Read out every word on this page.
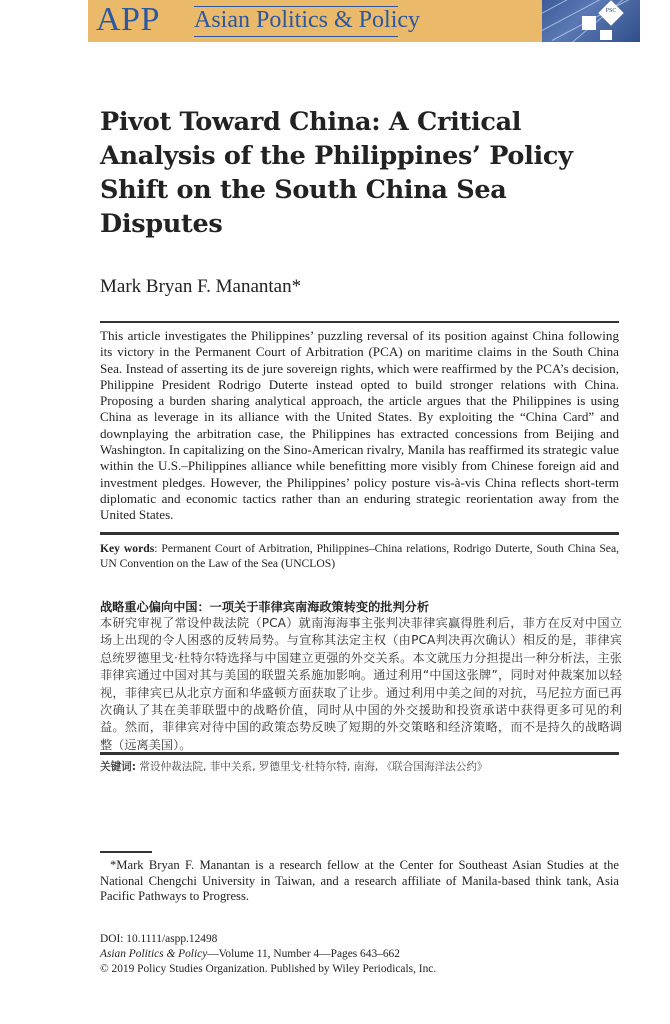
APP Asian Politics & Policy	PSC
Pivot Toward China: A Critical Analysis of the Philippines’ Policy Shift on the South China Sea Disputes
Mark Bryan F. Manantan*

This article investigates the Philippines’ puzzling reversal of its position against China following its victory in the Permanent Court of Arbitration (PCA) on maritime claims in the South China Sea. Instead of asserting its de jure sovereign rights, which were reaffirmed by the PCA’s decision, Philippine President Rodrigo Duterte instead opted to build stronger relations with China. Proposing a burden sharing analytical approach, the article argues that the Philippines is using China as leverage in its alliance with the United States. By exploiting the “China Card” and downplaying the arbitration case, the Philippines has extracted concessions from Beijing and Washington. In capitalizing on the Sino-American rivalry, Manila has reaffirmed its strategic value within the U.S.–Philippines alliance while benefitting more visibly from Chinese foreign aid and investment pledges. However, the Philippines’ policy posture vis-à-vis China reflects short-term diplomatic and economic tactics rather than an enduring strategic reorientation away from the United States.

Key words: Permanent Court of Arbitration, Philippines–China relations, Rodrigo Duterte, South China Sea, UN Convention on the Law of the Sea (UNCLOS)

战略重心偏向中国：一项关于菲律宾南海政策转变的批判分析

本研究审视了常设仲裁法院（PCA）就南海海事主张判决菲律宾赢得胜利后，菲方在反对中国立场上出现的令人困惑的反转局势。与宣称其法定主权（由PCA判决再次确认）相反的是，菲律宾总统罗德里戈·杜特尔特选择与中国建立更强的外交关系。本文就压力分担提出一种分析法，主张菲律宾通过中国对其与美国的联盟关系施加影响。通过利用“中国这张牌”，同时对仲裁案加以轻视，菲律宾已从北京方面和华盛顿方面获取了让步。通过利用中美之间的对抗，马尼拉方面已再次确认了其在美菲联盟中的战略价值，同时从中国的外交援助和投资承诺中获得更多可见的利益。然而，菲律宾对待中国的政策态势反映了短期的外交策略和经济策略，而不是持久的战略调整（远离美国）。

关键词: 常设仲裁法院, 菲中关系, 罗德里戈·杜特尔特, 南海, 《联合国海洋法公约》

*Mark Bryan F. Manantan is a research fellow at the Center for Southeast Asian Studies at the National Chengchi University in Taiwan, and a research affiliate of Manila-based think tank, Asia Pacific Pathways to Progress.

DOI: 10.1111/aspp.12498
Asian Politics & Policy—Volume 11, Number 4—Pages 643–662
© 2019 Policy Studies Organization. Published by Wiley Periodicals, Inc.
